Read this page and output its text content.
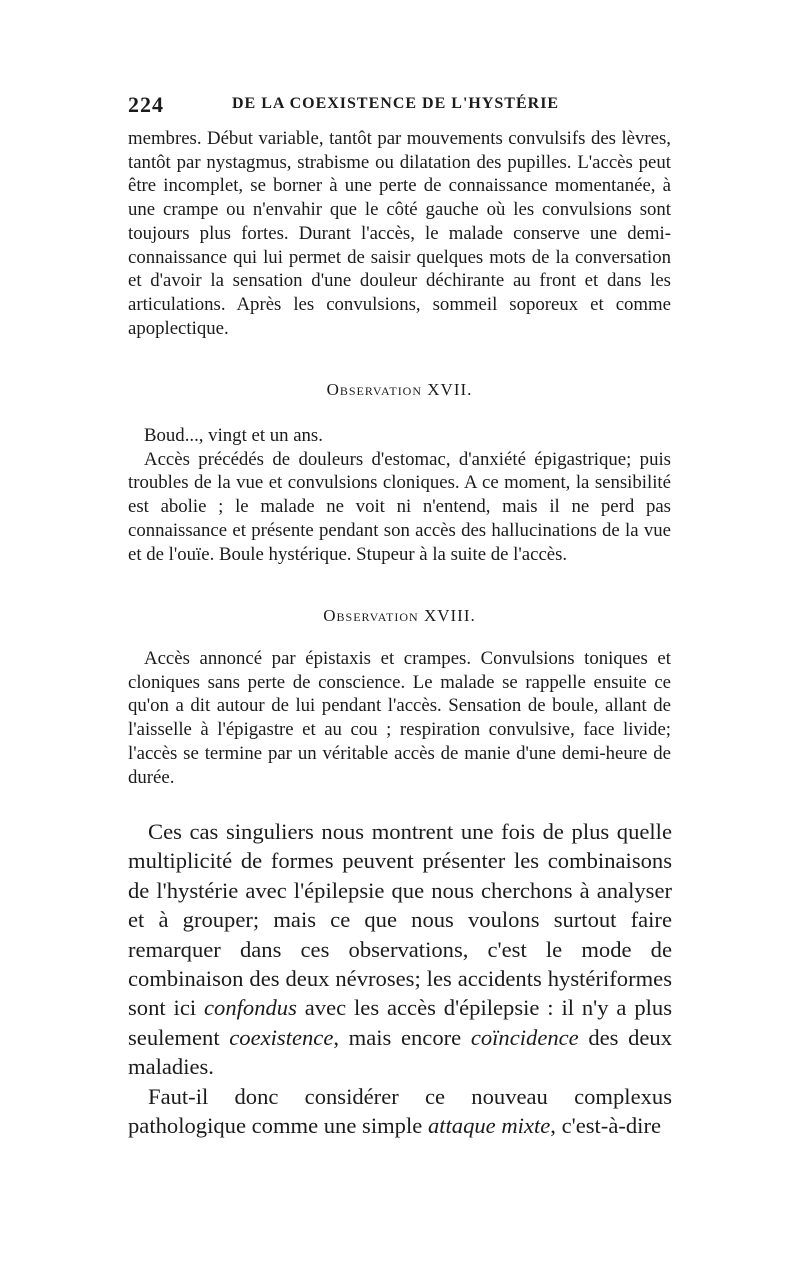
224	DE LA COEXISTENCE DE L'HYSTÉRIE

membres. Début variable, tantôt par mouvements convulsifs des lèvres, tantôt par nystagmus, strabisme ou dilatation des pupilles. L'accès peut être incomplet, se borner à une perte de connaissance momentanée, à une crampe ou n'envahir que le côté gauche où les convulsions sont toujours plus fortes. Durant l'accès, le malade conserve une demi-connaissance qui lui permet de saisir quelques mots de la conversation et d'avoir la sensation d'une douleur déchirante au front et dans les articulations. Après les convulsions, sommeil soporeux et comme apoplectique.

Observation XVII.

Boud..., vingt et un ans.

Accès précédés de douleurs d'estomac, d'anxiété épigastrique; puis troubles de la vue et convulsions cloniques. A ce moment, la sensibilité est abolie ; le malade ne voit ni n'entend, mais il ne perd pas connaissance et présente pendant son accès des hallucinations de la vue et de l'ouïe. Boule hystérique. Stupeur à la suite de l'accès.

Observation XVIII.

Accès annoncé par épistaxis et crampes. Convulsions toniques et cloniques sans perte de conscience. Le malade se rappelle ensuite ce qu'on a dit autour de lui pendant l'accès. Sensation de boule, allant de l'aisselle à l'épigastre et au cou ; respiration convulsive, face livide; l'accès se termine par un véritable accès de manie d'une demi-heure de durée.

Ces cas singuliers nous montrent une fois de plus quelle multiplicité de formes peuvent présenter les combinaisons de l'hystérie avec l'épilepsie que nous cherchons à analyser et à grouper; mais ce que nous voulons surtout faire remarquer dans ces observations, c'est le mode de combinaison des deux névroses; les accidents hystériformes sont ici confondus avec les accès d'épilepsie : il n'y a plus seulement coexistence, mais encore coïncidence des deux maladies.

Faut-il donc considérer ce nouveau complexus pathologique comme une simple attaque mixte, c'est-à-dire
